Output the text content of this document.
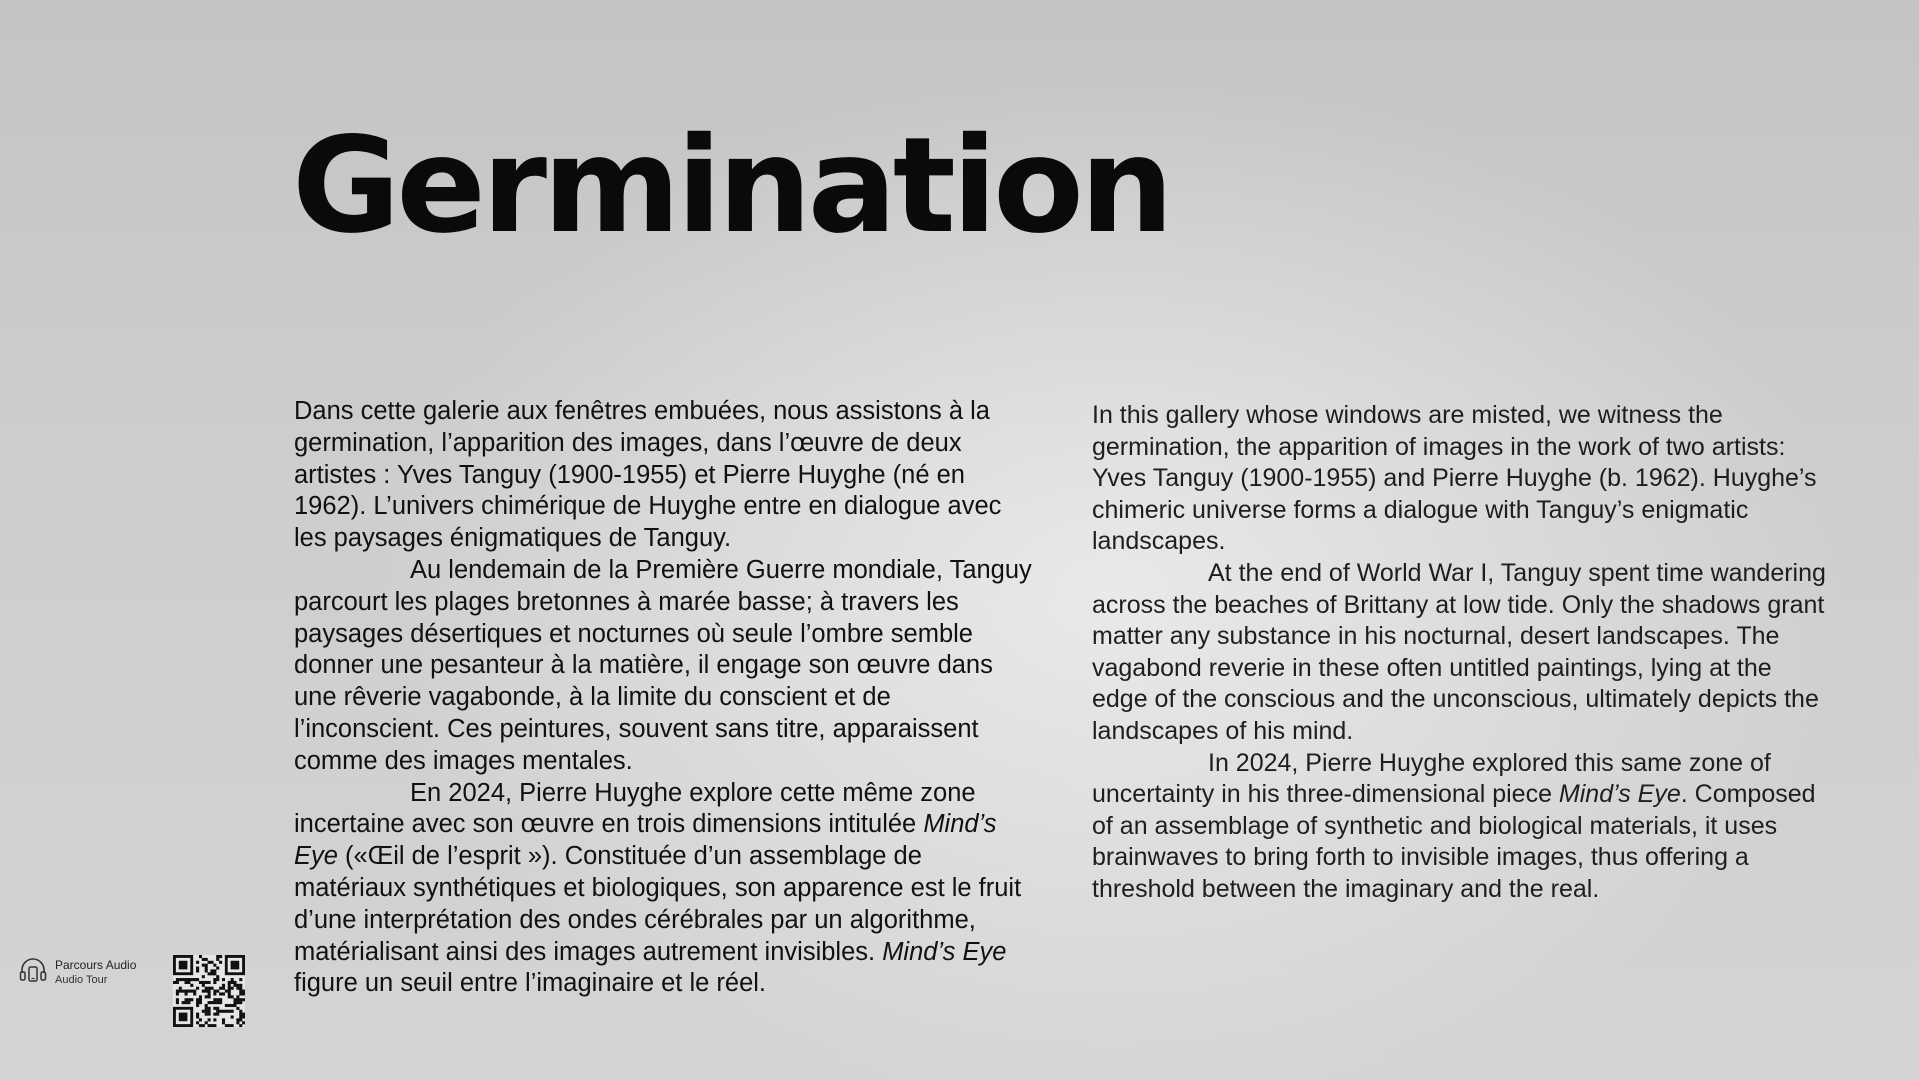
Germination

Dans cette galerie aux fenêtres embuées, nous assistons à la germination, l’apparition des images, dans l’œuvre de deux artistes : Yves Tanguy (1900-1955) et Pierre Huyghe (né en 1962). L’univers chimérique de Huyghe entre en dialogue avec les paysages énigmatiques de Tanguy.

Au lendemain de la Première Guerre mondiale, Tanguy parcourt les plages bretonnes à marée basse; à travers les paysages désertiques et nocturnes où seule l’ombre semble donner une pesanteur à la matière, il engage son œuvre dans une rêverie vagabonde, à la limite du conscient et de l’inconscient. Ces peintures, souvent sans titre, apparaissent comme des images mentales.

En 2024, Pierre Huyghe explore cette même zone incertaine avec son œuvre en trois dimensions intitulée Mind’s Eye («Œil de l’esprit »). Constituée d’un assemblage de matériaux synthétiques et biologiques, son apparence est le fruit d’une interprétation des ondes cérébrales par un algorithme, matérialisant ainsi des images autrement invisibles. Mind’s Eye figure un seuil entre l’imaginaire et le réel.

In this gallery whose windows are misted, we witness the germination, the apparition of images in the work of two artists: Yves Tanguy (1900-1955) and Pierre Huyghe (b. 1962). Huyghe’s chimeric universe forms a dialogue with Tanguy’s enigmatic landscapes.

At the end of World War I, Tanguy spent time wandering across the beaches of Brittany at low tide. Only the shadows grant matter any substance in his nocturnal, desert landscapes. The vagabond reverie in these often untitled paintings, lying at the edge of the conscious and the unconscious, ultimately depicts the landscapes of his mind.

In 2024, Pierre Huyghe explored this same zone of uncertainty in his three-dimensional piece Mind’s Eye. Composed of an assemblage of synthetic and biological materials, it uses brainwaves to bring forth to invisible images, thus offering a threshold between the imaginary and the real.

Parcours Audio
Audio Tour
